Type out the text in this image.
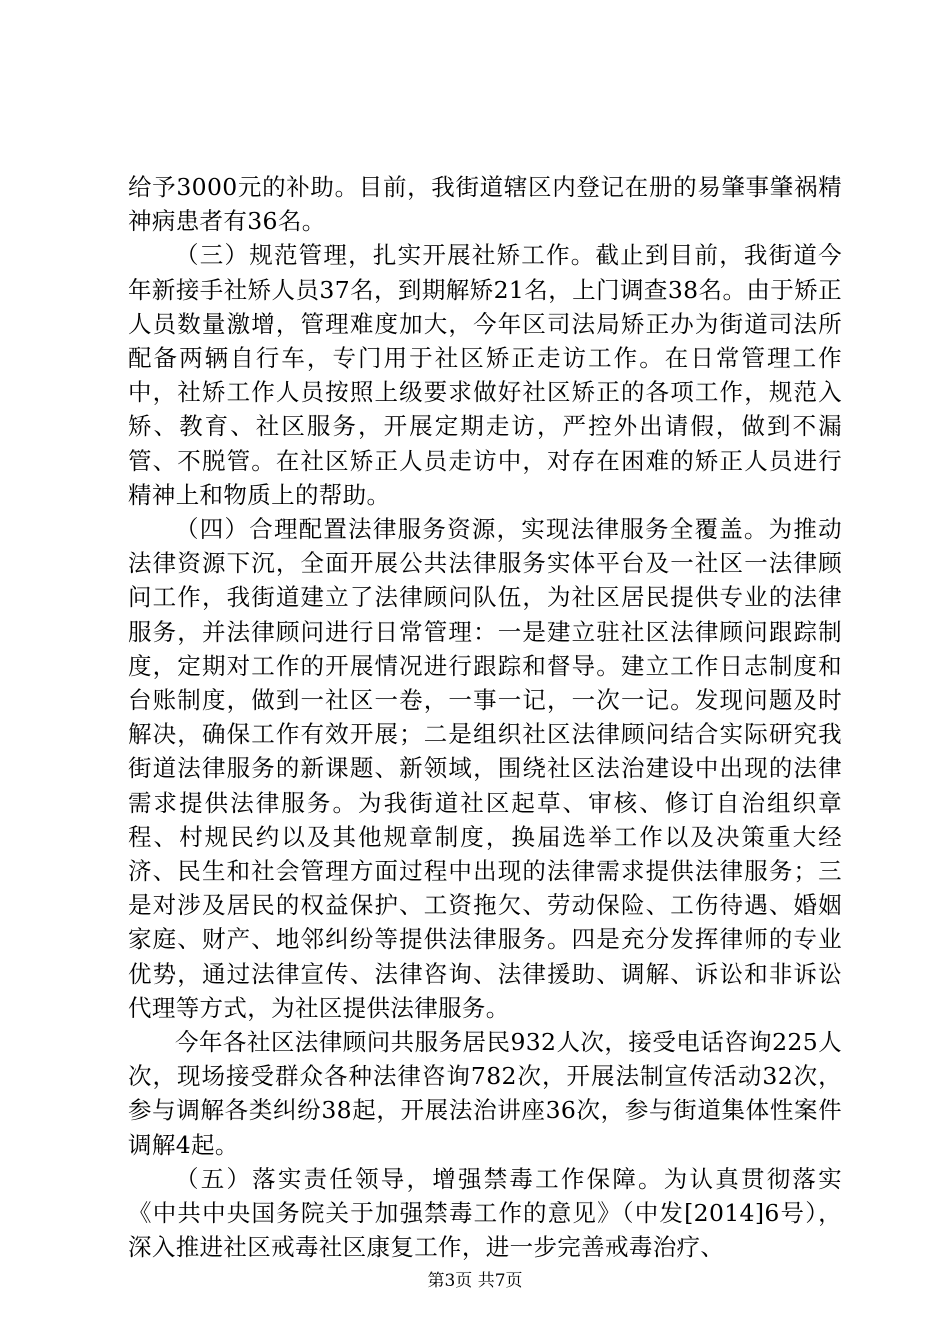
给予3000元的补助。目前，我街道辖区内登记在册的易肇事肇祸精神病患者有36名。

（三）规范管理，扎实开展社矫工作。截止到目前，我街道今年新接手社矫人员37名，到期解矫21名，上门调查38名。由于矫正人员数量激增，管理难度加大，今年区司法局矫正办为街道司法所配备两辆自行车，专门用于社区矫正走访工作。在日常管理工作中，社矫工作人员按照上级要求做好社区矫正的各项工作，规范入矫、教育、社区服务，开展定期走访，严控外出请假，做到不漏管、不脱管。在社区矫正人员走访中，对存在困难的矫正人员进行精神上和物质上的帮助。

（四）合理配置法律服务资源，实现法律服务全覆盖。为推动法律资源下沉，全面开展公共法律服务实体平台及一社区一法律顾问工作，我街道建立了法律顾问队伍，为社区居民提供专业的法律服务，并法律顾问进行日常管理：一是建立驻社区法律顾问跟踪制度，定期对工作的开展情况进行跟踪和督导。建立工作日志制度和台账制度，做到一社区一卷，一事一记，一次一记。发现问题及时解决，确保工作有效开展；二是组织社区法律顾问结合实际研究我街道法律服务的新课题、新领域，围绕社区法治建设中出现的法律需求提供法律服务。为我街道社区起草、审核、修订自治组织章程、村规民约以及其他规章制度，换届选举工作以及决策重大经济、民生和社会管理方面过程中出现的法律需求提供法律服务；三是对涉及居民的权益保护、工资拖欠、劳动保险、工伤待遇、婚姻家庭、财产、地邻纠纷等提供法律服务。四是充分发挥律师的专业优势，通过法律宣传、法律咨询、法律援助、调解、诉讼和非诉讼代理等方式，为社区提供法律服务。

今年各社区法律顾问共服务居民932人次，接受电话咨询225人次，现场接受群众各种法律咨询782次，开展法制宣传活动32次，参与调解各类纠纷38起，开展法治讲座36次，参与街道集体性案件调解4起。

（五）落实责任领导，增强禁毒工作保障。为认真贯彻落实《中共中央国务院关于加强禁毒工作的意见》（中发[2014]6号），深入推进社区戒毒社区康复工作，进一步完善戒毒治疗、

第3页 共7页
